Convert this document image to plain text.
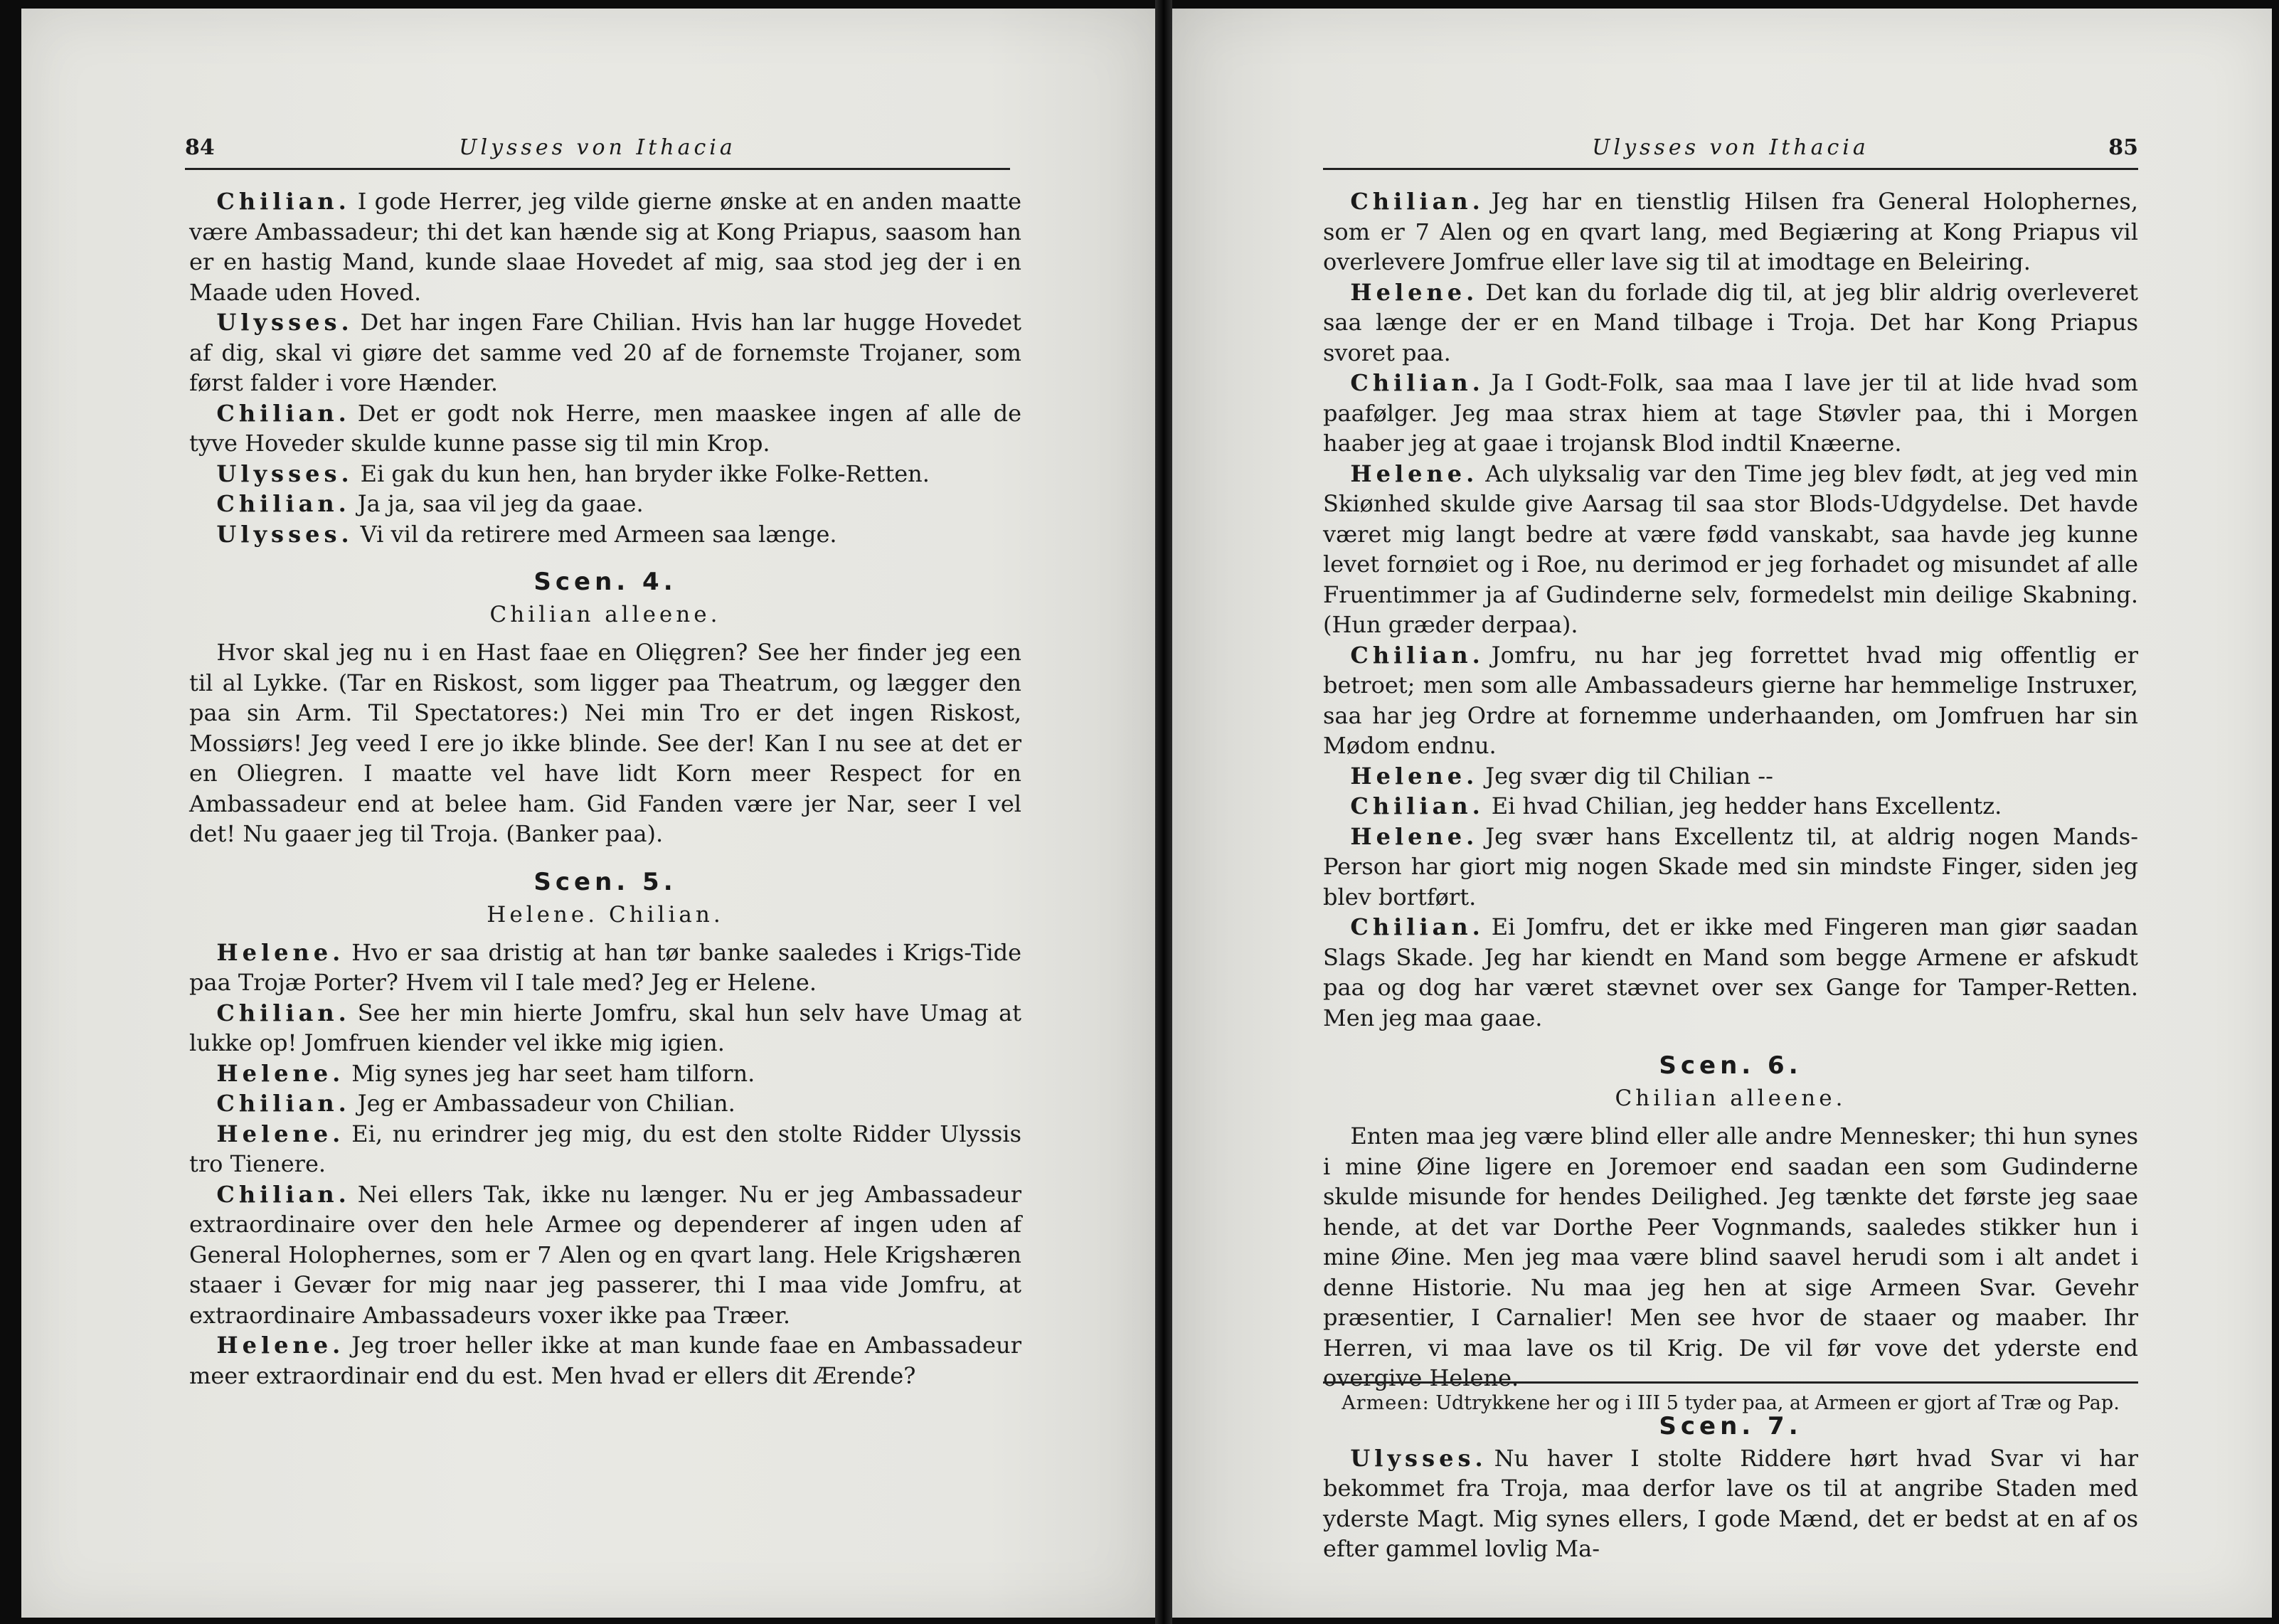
84	Ulysses von Ithacia

Chilian. I gode Herrer, jeg vilde gierne ønske at en anden maatte være Ambassadeur; thi det kan hænde sig at Kong Priapus, saasom han er en hastig Mand, kunde slaae Hovedet af mig, saa stod jeg der i en Maade uden Hoved.

Ulysses. Det har ingen Fare Chilian. Hvis han lar hugge Hovedet af dig, skal vi giøre det samme ved 20 af de fornemste Trojaner, som først falder i vore Hænder.

Chilian. Det er godt nok Herre, men maaskee ingen af alle de tyve Hoveder skulde kunne passe sig til min Krop.

Ulysses. Ei gak du kun hen, han bryder ikke Folke-Retten.

Chilian. Ja ja, saa vil jeg da gaae.

Ulysses. Vi vil da retirere med Armeen saa længe.

Scen. 4.
Chilian alleene.

Hvor skal jeg nu i en Hast faae en Olięgren? See her finder jeg een til al Lykke. (Tar en Riskost, som ligger paa Theatrum, og lægger den paa sin Arm. Til Spectatores:) Nei min Tro er det ingen Riskost, Mossiørs! Jeg veed I ere jo ikke blinde. See der! Kan I nu see at det er en Oliegren. I maatte vel have lidt Korn meer Respect for en Ambassadeur end at belee ham. Gid Fanden være jer Nar, seer I vel det! Nu gaaer jeg til Troja. (Banker paa).

Scen. 5.
Helene. Chilian.

Helene. Hvo er saa dristig at han tør banke saaledes i Krigs-Tide paa Trojæ Porter? Hvem vil I tale med? Jeg er Helene.

Chilian. See her min hierte Jomfru, skal hun selv have Umag at lukke op! Jomfruen kiender vel ikke mig igien.

Helene. Mig synes jeg har seet ham tilforn.

Chilian. Jeg er Ambassadeur von Chilian.

Helene. Ei, nu erindrer jeg mig, du est den stolte Ridder Ulyssis tro Tienere.

Chilian. Nei ellers Tak, ikke nu længer. Nu er jeg Ambassadeur extraordinaire over den hele Armee og dependerer af ingen uden af General Holophernes, som er 7 Alen og en qvart lang. Hele Krigshæren staaer i Gevær for mig naar jeg passerer, thi I maa vide Jomfru, at extraordinaire Ambassadeurs voxer ikke paa Træer.

Helene. Jeg troer heller ikke at man kunde faae en Ambassadeur meer extraordinair end du est. Men hvad er ellers dit Ærende?

Ulysses von Ithacia	85

Chilian. Jeg har en tienstlig Hilsen fra General Holophernes, som er 7 Alen og en qvart lang, med Begiæring at Kong Priapus vil overlevere Jomfrue eller lave sig til at imodtage en Beleiring.

Helene. Det kan du forlade dig til, at jeg blir aldrig overleveret saa længe der er en Mand tilbage i Troja. Det har Kong Priapus svoret paa.

Chilian. Ja I Godt-Folk, saa maa I lave jer til at lide hvad som paafølger. Jeg maa strax hiem at tage Støvler paa, thi i Morgen haaber jeg at gaae i trojansk Blod indtil Knæerne.

Helene. Ach ulyksalig var den Time jeg blev født, at jeg ved min Skiønhed skulde give Aarsag til saa stor Blods-Udgydelse. Det havde været mig langt bedre at være fødd vanskabt, saa havde jeg kunne levet fornøiet og i Roe, nu derimod er jeg forhadet og misundet af alle Fruentimmer ja af Gudinderne selv, formedelst min deilige Skabning. (Hun græder derpaa).

Chilian. Jomfru, nu har jeg forrettet hvad mig offentlig er betroet; men som alle Ambassadeurs gierne har hemmelige Instruxer, saa har jeg Ordre at fornemme underhaanden, om Jomfruen har sin Mødom endnu.

Helene. Jeg svær dig til Chilian --

Chilian. Ei hvad Chilian, jeg hedder hans Excellentz.

Helene. Jeg svær hans Excellentz til, at aldrig nogen Mands-Person har giort mig nogen Skade med sin mindste Finger, siden jeg blev bortført.

Chilian. Ei Jomfru, det er ikke med Fingeren man giør saadan Slags Skade. Jeg har kiendt en Mand som begge Armene er afskudt paa og dog har været stævnet over sex Gange for Tamper-Retten. Men jeg maa gaae.

Scen. 6.
Chilian alleene.

Enten maa jeg være blind eller alle andre Mennesker; thi hun synes i mine Øine ligere en Joremoer end saadan een som Gudinderne skulde misunde for hendes Deilighed. Jeg tænkte det første jeg saae hende, at det var Dorthe Peer Vognmands, saaledes stikker hun i mine Øine. Men jeg maa være blind saavel herudi som i alt andet i denne Historie. Nu maa jeg hen at sige Armeen Svar. Gevehr præsentier, I Carnalier! Men see hvor de staaer og maaber. Ihr Herren, vi maa lave os til Krig. De vil før vove det yderste end overgive Helene.

Scen. 7.

Ulysses. Nu haver I stolte Riddere hørt hvad Svar vi har bekommet fra Troja, maa derfor lave os til at angribe Staden med yderste Magt. Mig synes ellers, I gode Mænd, det er bedst at en af os efter gammel lovlig Ma-

Armeen: Udtrykkene her og i III 5 tyder paa, at Armeen er gjort af Træ og Pap.
